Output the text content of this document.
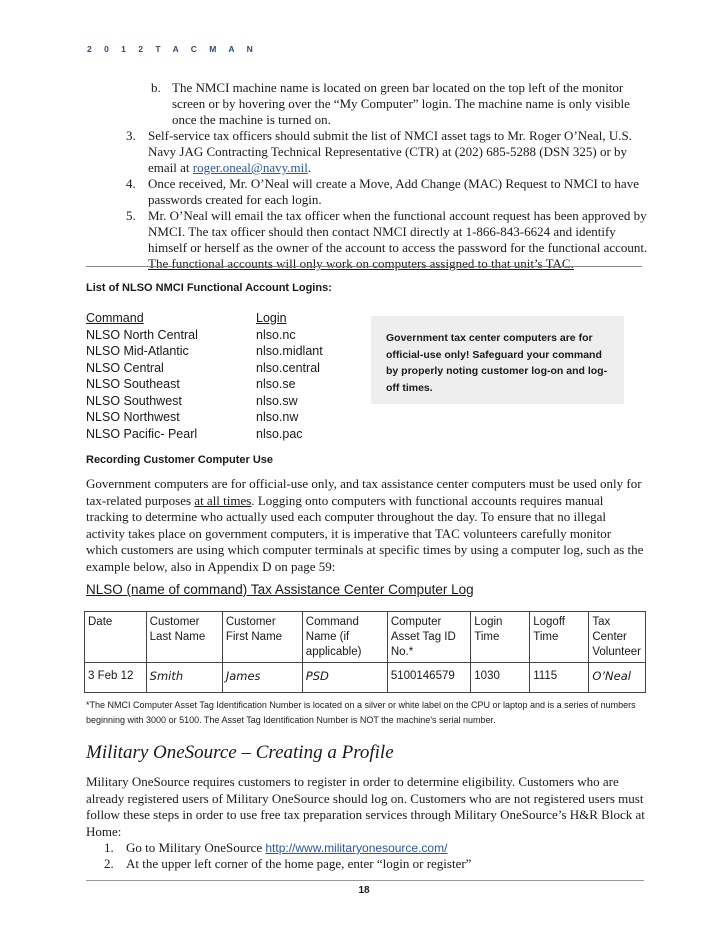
2 0 1 2 T A C M A N
b. The NMCI machine name is located on green bar located on the top left of the monitor screen or by hovering over the “My Computer” login. The machine name is only visible once the machine is turned on.
3. Self-service tax officers should submit the list of NMCI asset tags to Mr. Roger O’Neal, U.S. Navy JAG Contracting Technical Representative (CTR) at (202) 685-5288 (DSN 325) or by email at roger.oneal@navy.mil.
4. Once received, Mr. O’Neal will create a Move, Add Change (MAC) Request to NMCI to have passwords created for each login.
5. Mr. O’Neal will email the tax officer when the functional account request has been approved by NMCI. The tax officer should then contact NMCI directly at 1-866-843-6624 and identify himself or herself as the owner of the account to access the password for the functional account. The functional accounts will only work on computers assigned to that unit’s TAC.
List of NLSO NMCI Functional Account Logins:
Command	Login
NLSO North Central	nlso.nc
NLSO Mid-Atlantic	nlso.midlant
NLSO Central	nlso.central
NLSO Southeast	nlso.se
NLSO Southwest	nlso.sw
NLSO Northwest	nlso.nw
NLSO Pacific- Pearl	nlso.pac
Government tax center computers are for official-use only! Safeguard your command by properly noting customer log-on and log-off times.
Recording Customer Computer Use
Government computers are for official-use only, and tax assistance center computers must be used only for tax-related purposes at all times. Logging onto computers with functional accounts requires manual tracking to determine who actually used each computer throughout the day. To ensure that no illegal activity takes place on government computers, it is imperative that TAC volunteers carefully monitor which customers are using which computer terminals at specific times by using a computer log, such as the example below, also in Appendix D on page 59:
NLSO (name of command) Tax Assistance Center Computer Log
Date	Customer Last Name	Customer First Name	Command Name (if applicable)	Computer Asset Tag ID No.*	Login Time	Logoff Time	Tax Center Volunteer
3 Feb 12	Smith	James	PSD	5100146579	1030	1115	O’Neal
*The NMCI Computer Asset Tag Identification Number is located on a silver or white label on the CPU or laptop and is a series of numbers beginning with 3000 or 5100. The Asset Tag Identification Number is NOT the machine’s serial number.
Military OneSource – Creating a Profile
Military OneSource requires customers to register in order to determine eligibility. Customers who are already registered users of Military OneSource should log on. Customers who are not registered users must follow these steps in order to use free tax preparation services through Military OneSource’s H&R Block at Home:
1. Go to Military OneSource http://www.militaryonesource.com/
2. At the upper left corner of the home page, enter “login or register”
18
